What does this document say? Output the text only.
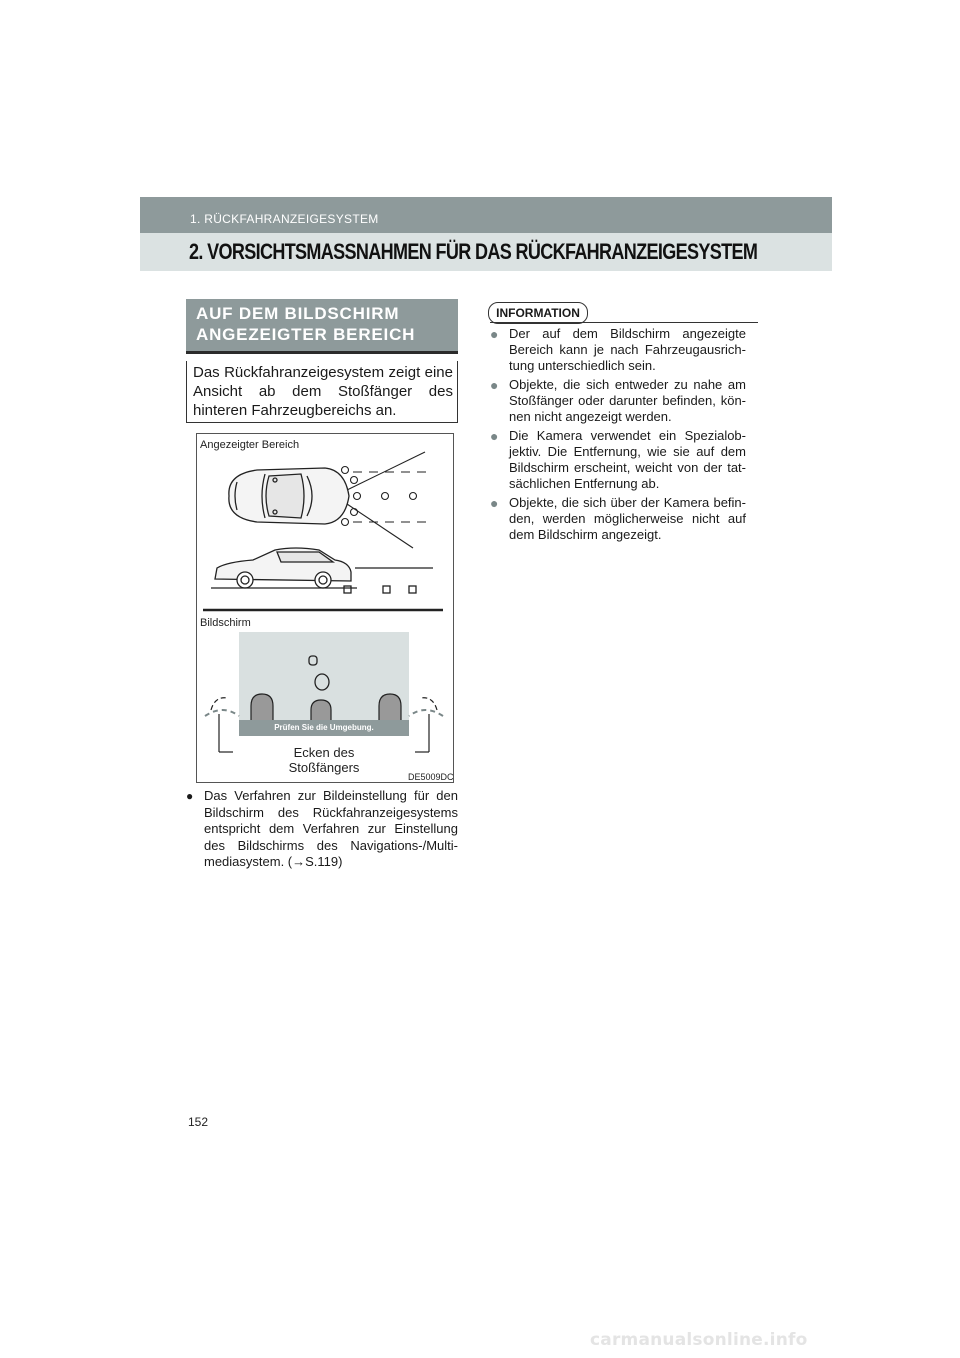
1. RÜCKFAHRANZEIGESYSTEM
2. VORSICHTSMASSNAHMEN FÜR DAS RÜCKFAHRANZEIGESYSTEM
AUF DEM BILDSCHIRM ANGEZEIGTER BEREICH
Das Rückfahranzeigesystem zeigt eine Ansicht ab dem Stoßfänger des hinteren Fahrzeugbereichs an.
Angezeigter Bereich
Bildschirm
Prüfen Sie die Umgebung.
Ecken des Stoßfängers
DE5009DC
● Das Verfahren zur Bildeinstellung für den Bildschirm des Rückfahranzeigesystems entspricht dem Verfahren zur Einstellung des Bildschirms des Navigations-/Multi-mediasystem. (→S.119)
INFORMATION
● Der auf dem Bildschirm angezeigte Bereich kann je nach Fahrzeugausrich-tung unterschiedlich sein.
● Objekte, die sich entweder zu nahe am Stoßfänger oder darunter befinden, kön-nen nicht angezeigt werden.
● Die Kamera verwendet ein Spezialob-jektiv. Die Entfernung, wie sie auf dem Bildschirm erscheint, weicht von der tat-sächlichen Entfernung ab.
● Objekte, die sich über der Kamera befin-den, werden möglicherweise nicht auf dem Bildschirm angezeigt.
152
carmanualsonline.info
